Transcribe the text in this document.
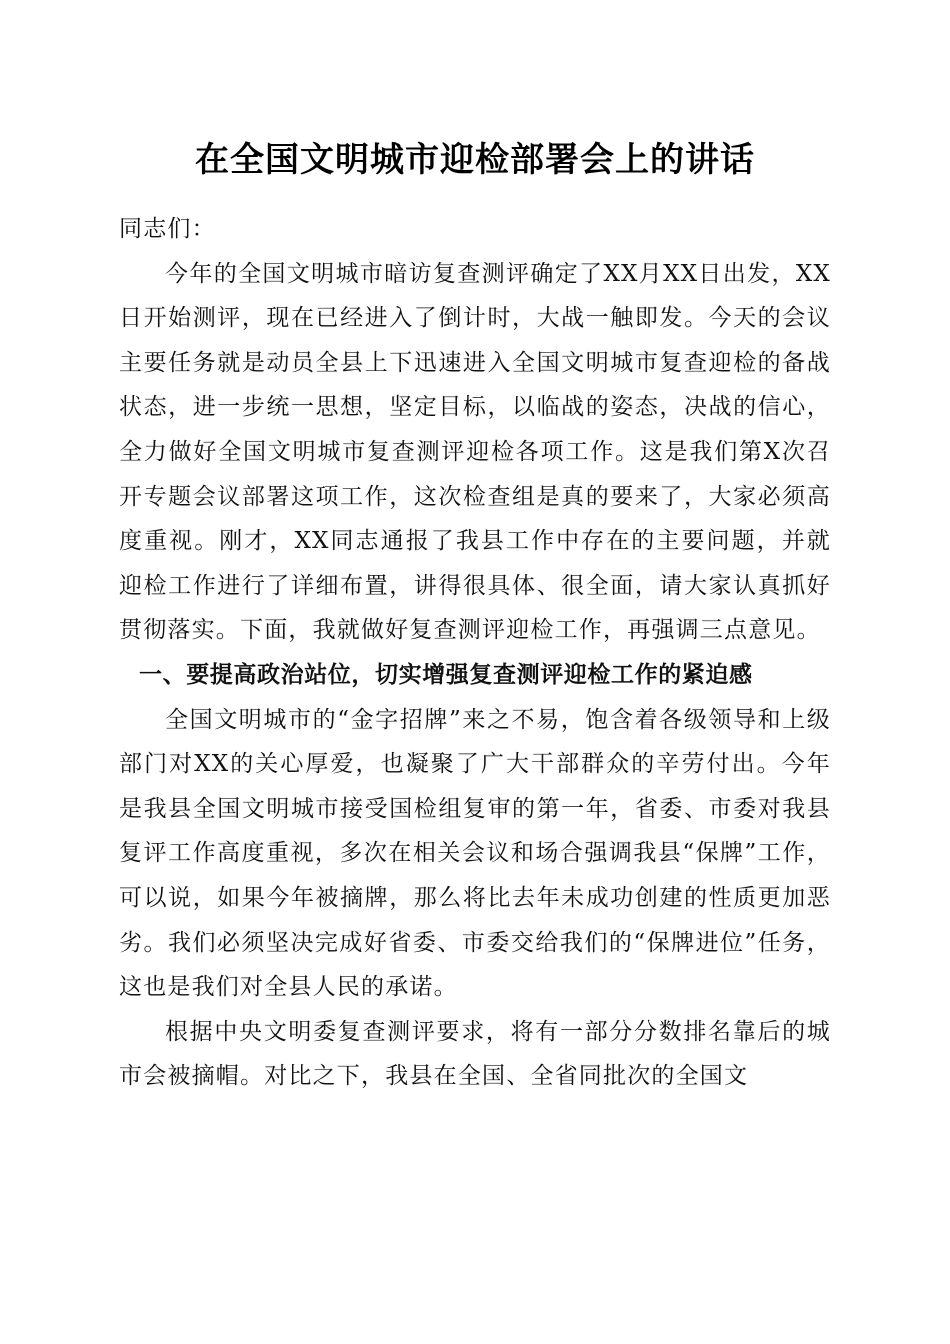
在全国文明城市迎检部署会上的讲话

同志们：

今年的全国文明城市暗访复查测评确定了XX月XX日出发，XX日开始测评，现在已经进入了倒计时，大战一触即发。今天的会议主要任务就是动员全县上下迅速进入全国文明城市复查迎检的备战状态，进一步统一思想，坚定目标，以临战的姿态，决战的信心，全力做好全国文明城市复查测评迎检各项工作。这是我们第X次召开专题会议部署这项工作，这次检查组是真的要来了，大家必须高度重视。刚才，XX同志通报了我县工作中存在的主要问题，并就迎检工作进行了详细布置，讲得很具体、很全面，请大家认真抓好贯彻落实。下面，我就做好复查测评迎检工作，再强调三点意见。

一、要提高政治站位，切实增强复查测评迎检工作的紧迫感

全国文明城市的“金字招牌”来之不易，饱含着各级领导和上级部门对XX的关心厚爱，也凝聚了广大干部群众的辛劳付出。今年是我县全国文明城市接受国检组复审的第一年，省委、市委对我县复评工作高度重视，多次在相关会议和场合强调我县“保牌”工作，可以说，如果今年被摘牌，那么将比去年未成功创建的性质更加恶劣。我们必须坚决完成好省委、市委交给我们的“保牌进位”任务，这也是我们对全县人民的承诺。

根据中央文明委复查测评要求，将有一部分分数排名靠后的城市会被摘帽。对比之下，我县在全国、全省同批次的全国文
